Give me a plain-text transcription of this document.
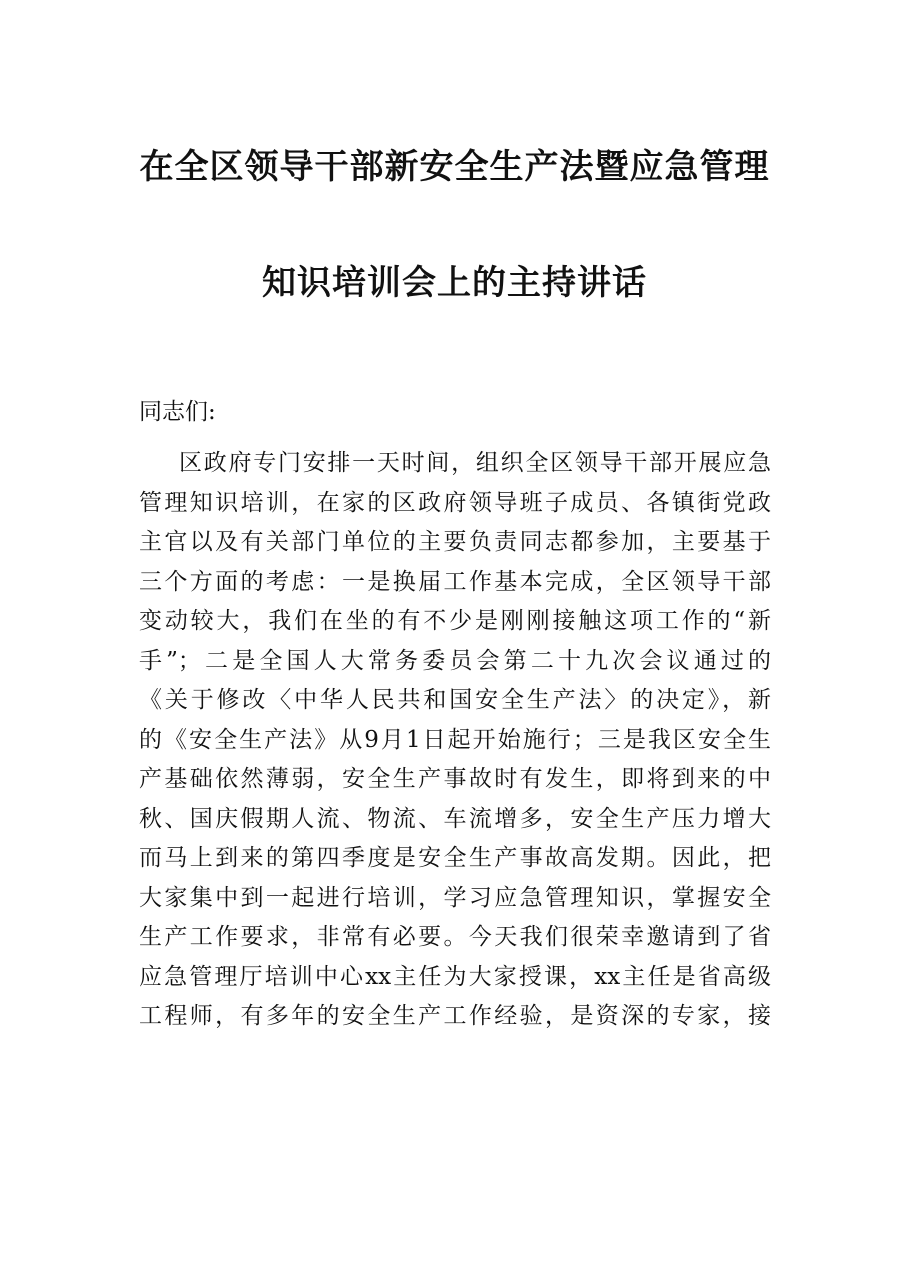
在全区领导干部新安全生产法暨应急管理
知识培训会上的主持讲话
同志们:
区政府专门安排一天时间，组织全区领导干部开展应急
管理知识培训，在家的区政府领导班子成员、各镇街党政
主官以及有关部门单位的主要负责同志都参加，主要基于
三个方面的考虑：一是换届工作基本完成，全区领导干部
变动较大，我们在坐的有不少是刚刚接触这项工作的“新
手”；二是全国人大常务委员会第二十九次会议通过的
《关于修改〈中华人民共和国安全生产法〉的决定》，新
的《安全生产法》从9月1日起开始施行；三是我区安全生
产基础依然薄弱，安全生产事故时有发生，即将到来的中
秋、国庆假期人流、物流、车流增多，安全生产压力增大
而马上到来的第四季度是安全生产事故高发期。因此，把
大家集中到一起进行培训，学习应急管理知识，掌握安全
生产工作要求，非常有必要。今天我们很荣幸邀请到了省
应急管理厅培训中心xx主任为大家授课，xx主任是省高级
工程师，有多年的安全生产工作经验，是资深的专家，接
